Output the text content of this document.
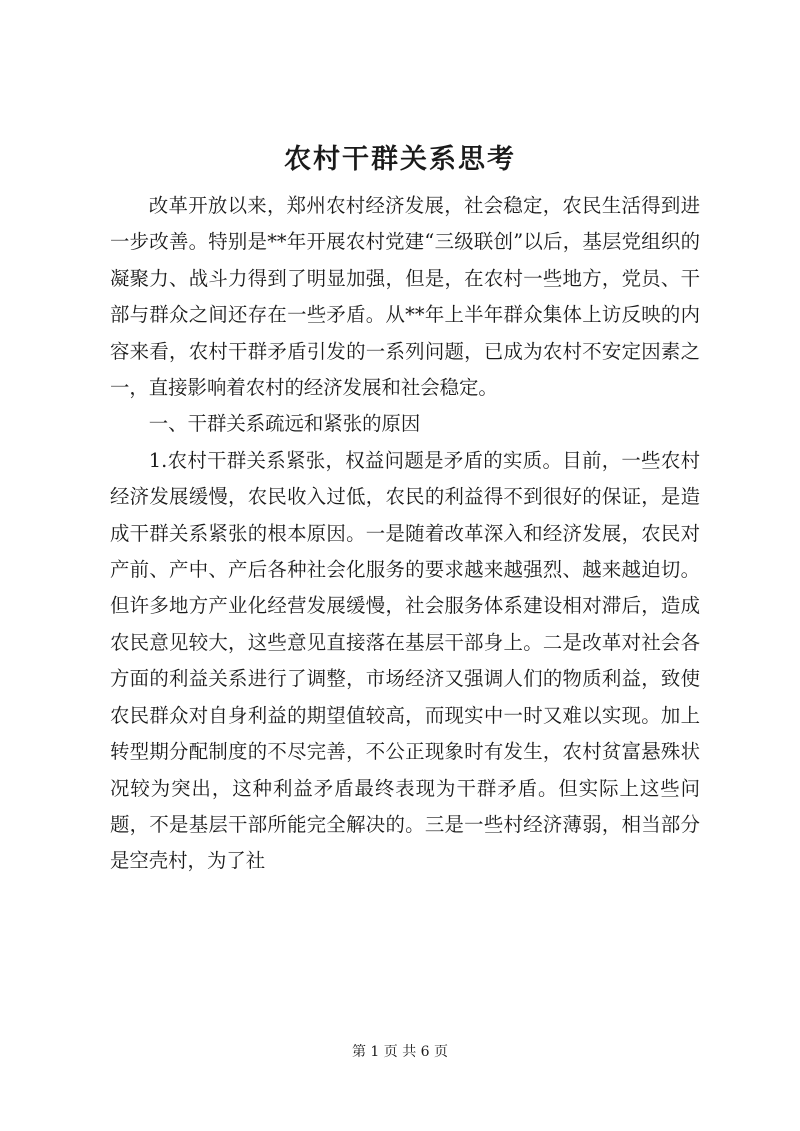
农村干群关系思考

改革开放以来，郑州农村经济发展，社会稳定，农民生活得到进一步改善。特别是**年开展农村党建“三级联创”以后，基层党组织的凝聚力、战斗力得到了明显加强，但是，在农村一些地方，党员、干部与群众之间还存在一些矛盾。从**年上半年群众集体上访反映的内容来看，农村干群矛盾引发的一系列问题，已成为农村不安定因素之一，直接影响着农村的经济发展和社会稳定。

一、干群关系疏远和紧张的原因

1.农村干群关系紧张，权益问题是矛盾的实质。目前，一些农村经济发展缓慢，农民收入过低，农民的利益得不到很好的保证，是造成干群关系紧张的根本原因。一是随着改革深入和经济发展，农民对产前、产中、产后各种社会化服务的要求越来越强烈、越来越迫切。但许多地方产业化经营发展缓慢，社会服务体系建设相对滞后，造成农民意见较大，这些意见直接落在基层干部身上。二是改革对社会各方面的利益关系进行了调整，市场经济又强调人们的物质利益，致使农民群众对自身利益的期望值较高，而现实中一时又难以实现。加上转型期分配制度的不尽完善，不公正现象时有发生，农村贫富悬殊状况较为突出，这种利益矛盾最终表现为干群矛盾。但实际上这些问题，不是基层干部所能完全解决的。三是一些村经济薄弱，相当部分是空壳村，为了社

第 1 页 共 6 页
